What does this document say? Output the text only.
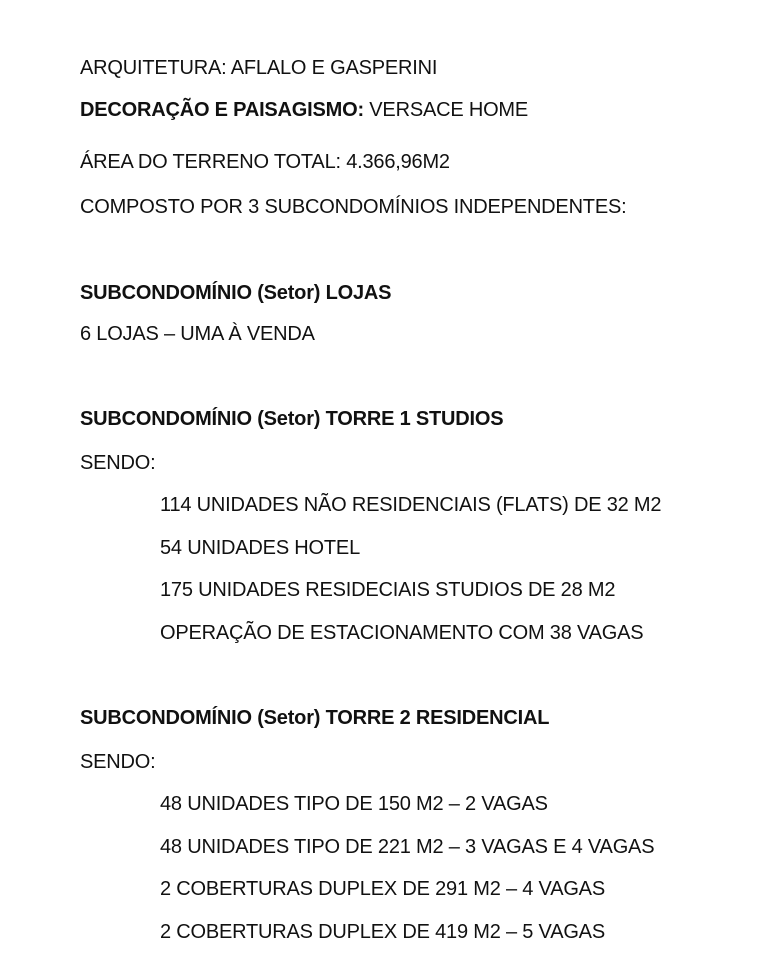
ARQUITETURA: AFLALO E GASPERINI
DECORAÇÃO E PAISAGISMO: VERSACE HOME
ÁREA DO TERRENO TOTAL: 4.366,96M2
COMPOSTO POR 3 SUBCONDOMÍNIOS INDEPENDENTES:
SUBCONDOMÍNIO (Setor) LOJAS
6 LOJAS – UMA À VENDA
SUBCONDOMÍNIO (Setor) TORRE 1 STUDIOS
SENDO:
114 UNIDADES NÃO RESIDENCIAIS (FLATS) DE 32 M2
54 UNIDADES HOTEL
175 UNIDADES RESIDECIAIS STUDIOS DE 28 M2
OPERAÇÃO DE ESTACIONAMENTO COM 38 VAGAS
SUBCONDOMÍNIO (Setor) TORRE 2 RESIDENCIAL
SENDO:
48 UNIDADES TIPO DE 150 M2 – 2 VAGAS
48 UNIDADES TIPO DE 221 M2 – 3 VAGAS E 4 VAGAS
2 COBERTURAS DUPLEX DE 291 M2 – 4 VAGAS
2 COBERTURAS DUPLEX DE 419 M2 – 5 VAGAS
